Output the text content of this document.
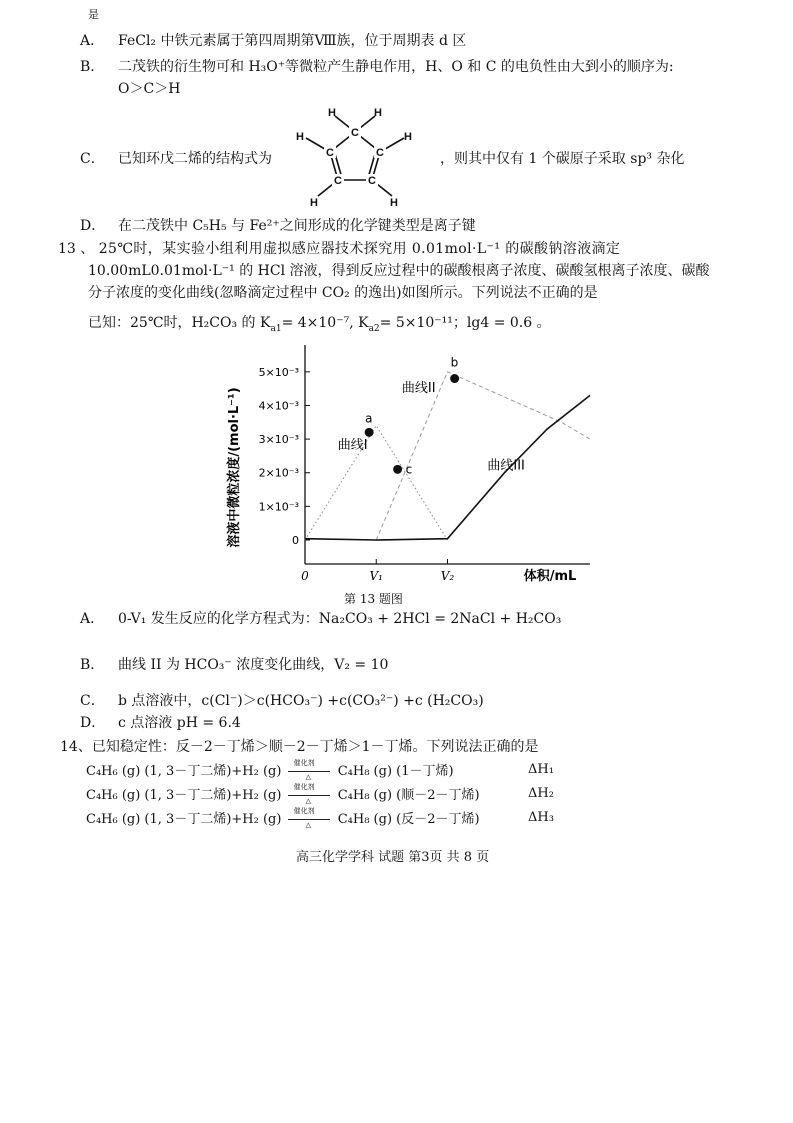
是
A． FeCl₂ 中铁元素属于第四周期第Ⅷ族，位于周期表 d 区
B． 二茂铁的衍生物可和 H₃O⁺等微粒产生静电作用，H、O 和 C 的电负性由大到小的顺序为:
O＞C＞H
C． 已知环戊二烯的结构式为
C
C	C
C C
H	H
H	H
H	H
，则其中仅有 1 个碳原子采取 sp³ 杂化
D． 在二茂铁中 C₅H₅ 与 Fe²⁺之间形成的化学键类型是离子键
13 、 25℃时，某实验小组利用虚拟感应器技术探究用 0.01mol·L⁻¹ 的碳酸钠溶液滴定
10.00mL0.01mol·L⁻¹ 的 HCl 溶液，得到反应过程中的碳酸根离子浓度、碳酸氢根离子浓度、碳酸
分子浓度的变化曲线(忽略滴定过程中 CO₂ 的逸出)如图所示。下列说法不正确的是
已知：25℃时，H₂CO₃ 的 $K_{a1}= 4\times 10^{-7}$, $K_{a2}= 5\times 10^{-11}$；lg4 = 0.6 。
0
1×10⁻³
2×10⁻³
3×10⁻³
4×10⁻³
5×10⁻³
0	V₁	V₂	体积/mL
溶液中微粒浓度/(mol·L⁻¹)	曲线I
曲线II
曲线III
a
b
c
第 13 题图
A． 0-V₁ 发生反应的化学方程式为：Na₂CO₃ + 2HCl = 2NaCl + H₂CO₃
B． 曲线 II 为 HCO₃⁻ 浓度变化曲线，V₂ = 10
C． b 点溶液中，c(Cl⁻)＞c(HCO₃⁻) +c(CO₃²⁻) +c (H₂CO₃)
D． c 点溶液 pH = 6.4
14、已知稳定性：反－2－丁烯＞顺－2－丁烯＞1－丁烯。下列说法正确的是
C₄H₆ (g) (1, 3－丁二烯)+H₂ (g)
催化剂
△ C₄H₈ (g) (1－丁烯)	ΔH₁
C₄H₆ (g) (1, 3－丁二烯)+H₂ (g)
催化剂
△ C₄H₈ (g) (顺－2－丁烯)	ΔH₂
C₄H₆ (g) (1, 3－丁二烯)+H₂ (g)
催化剂
△ C₄H₈ (g) (反－2－丁烯)	ΔH₃
高三化学学科 试题 第3页 共 8 页
